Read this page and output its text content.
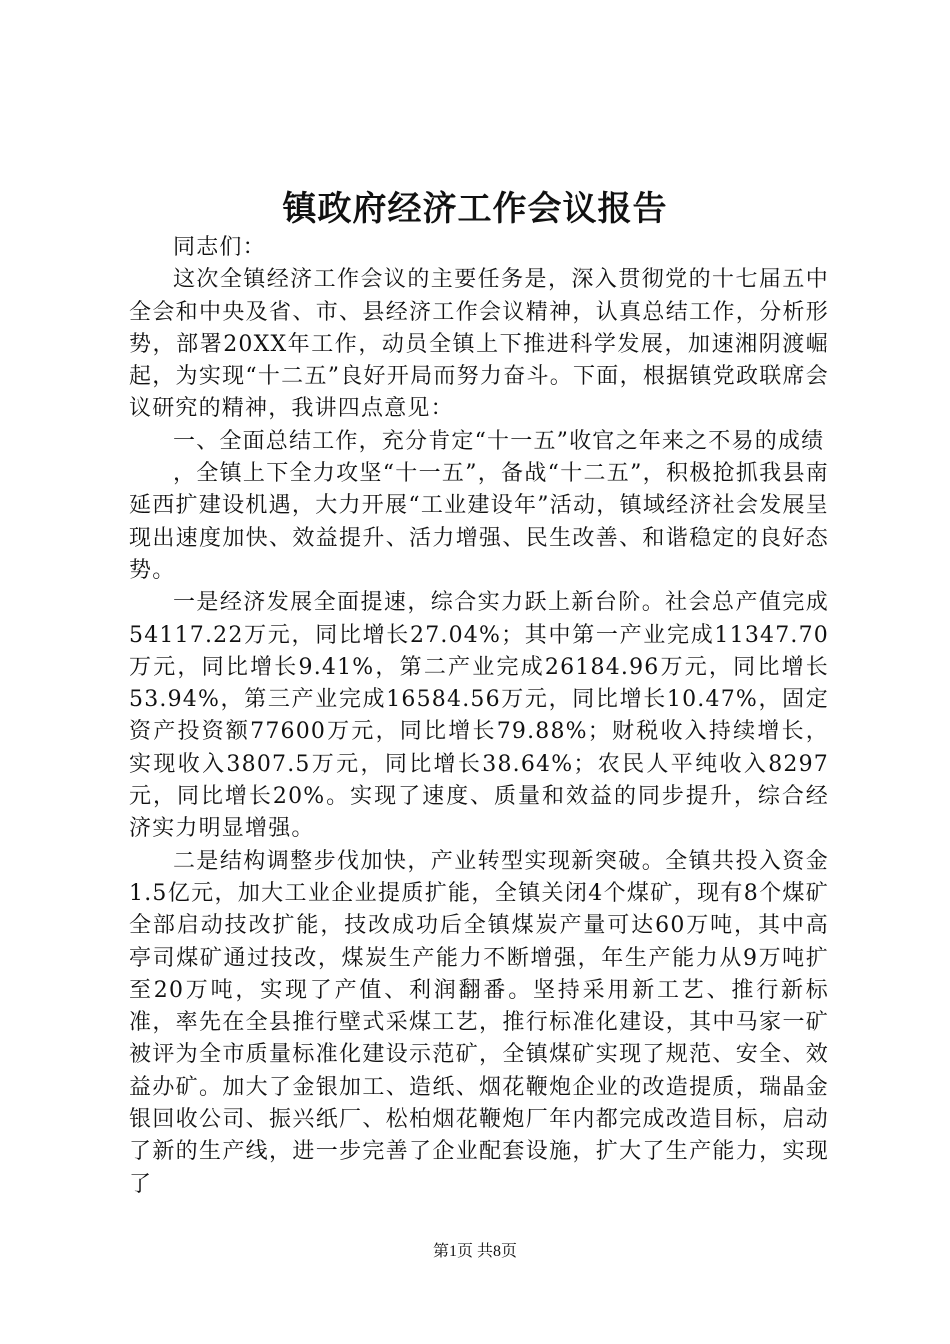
镇政府经济工作会议报告

同志们：

这次全镇经济工作会议的主要任务是，深入贯彻党的十七届五中全会和中央及省、市、县经济工作会议精神，认真总结工作，分析形势，部署20XX年工作，动员全镇上下推进科学发展，加速湘阴渡崛起，为实现“十二五”良好开局而努力奋斗。下面，根据镇党政联席会议研究的精神，我讲四点意见：

一、全面总结工作，充分肯定“十一五”收官之年来之不易的成绩

，全镇上下全力攻坚“十一五”，备战“十二五”，积极抢抓我县南延西扩建设机遇，大力开展“工业建设年”活动，镇域经济社会发展呈现出速度加快、效益提升、活力增强、民生改善、和谐稳定的良好态势。

一是经济发展全面提速，综合实力跃上新台阶。社会总产值完成54117.22万元，同比增长27.04%；其中第一产业完成11347.70万元，同比增长9.41%，第二产业完成26184.96万元，同比增长53.94%，第三产业完成16584.56万元，同比增长10.47%，固定资产投资额77600万元，同比增长79.88%；财税收入持续增长，实现收入3807.5万元，同比增长38.64%；农民人平纯收入8297元，同比增长20%。实现了速度、质量和效益的同步提升，综合经济实力明显增强。

二是结构调整步伐加快，产业转型实现新突破。全镇共投入资金1.5亿元，加大工业企业提质扩能，全镇关闭4个煤矿，现有8个煤矿全部启动技改扩能，技改成功后全镇煤炭产量可达60万吨，其中高亭司煤矿通过技改，煤炭生产能力不断增强，年生产能力从9万吨扩至20万吨，实现了产值、利润翻番。坚持采用新工艺、推行新标准，率先在全县推行壁式采煤工艺，推行标准化建设，其中马家一矿被评为全市质量标准化建设示范矿，全镇煤矿实现了规范、安全、效益办矿。加大了金银加工、造纸、烟花鞭炮企业的改造提质，瑞晶金银回收公司、振兴纸厂、松柏烟花鞭炮厂年内都完成改造目标，启动了新的生产线，进一步完善了企业配套设施，扩大了生产能力，实现了

第1页 共8页
